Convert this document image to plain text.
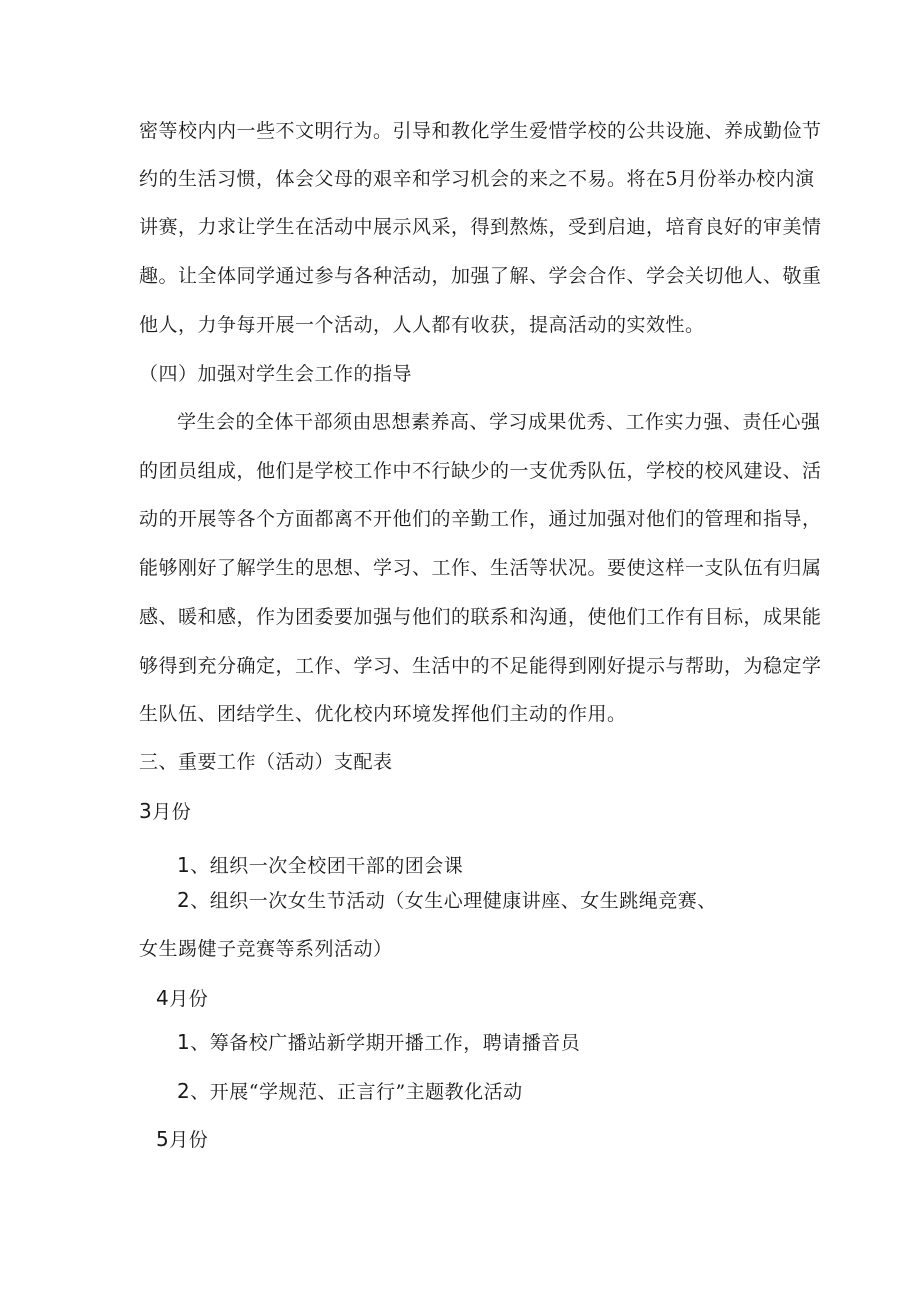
密等校内内一些不文明行为。引导和教化学生爱惜学校的公共设施、养成勤俭节
约的生活习惯，体会父母的艰辛和学习机会的来之不易。将在5月份举办校内演
讲赛，力求让学生在活动中展示风采，得到熬炼，受到启迪，培育良好的审美情
趣。让全体同学通过参与各种活动，加强了解、学会合作、学会关切他人、敬重
他人，力争每开展一个活动，人人都有收获，提高活动的实效性。
（四）加强对学生会工作的指导
学生会的全体干部须由思想素养高、学习成果优秀、工作实力强、责任心强
的团员组成，他们是学校工作中不行缺少的一支优秀队伍，学校的校风建设、活
动的开展等各个方面都离不开他们的辛勤工作，通过加强对他们的管理和指导，
能够刚好了解学生的思想、学习、工作、生活等状况。要使这样一支队伍有归属
感、暖和感，作为团委要加强与他们的联系和沟通，使他们工作有目标，成果能
够得到充分确定，工作、学习、生活中的不足能得到刚好提示与帮助，为稳定学
生队伍、团结学生、优化校内环境发挥他们主动的作用。
三、重要工作（活动）支配表
3月份
1、组织一次全校团干部的团会课
2、组织一次女生节活动（女生心理健康讲座、女生跳绳竞赛、
女生踢健子竞赛等系列活动）
4月份
1、筹备校广播站新学期开播工作，聘请播音员
2、开展“学规范、正言行”主题教化活动
5月份
